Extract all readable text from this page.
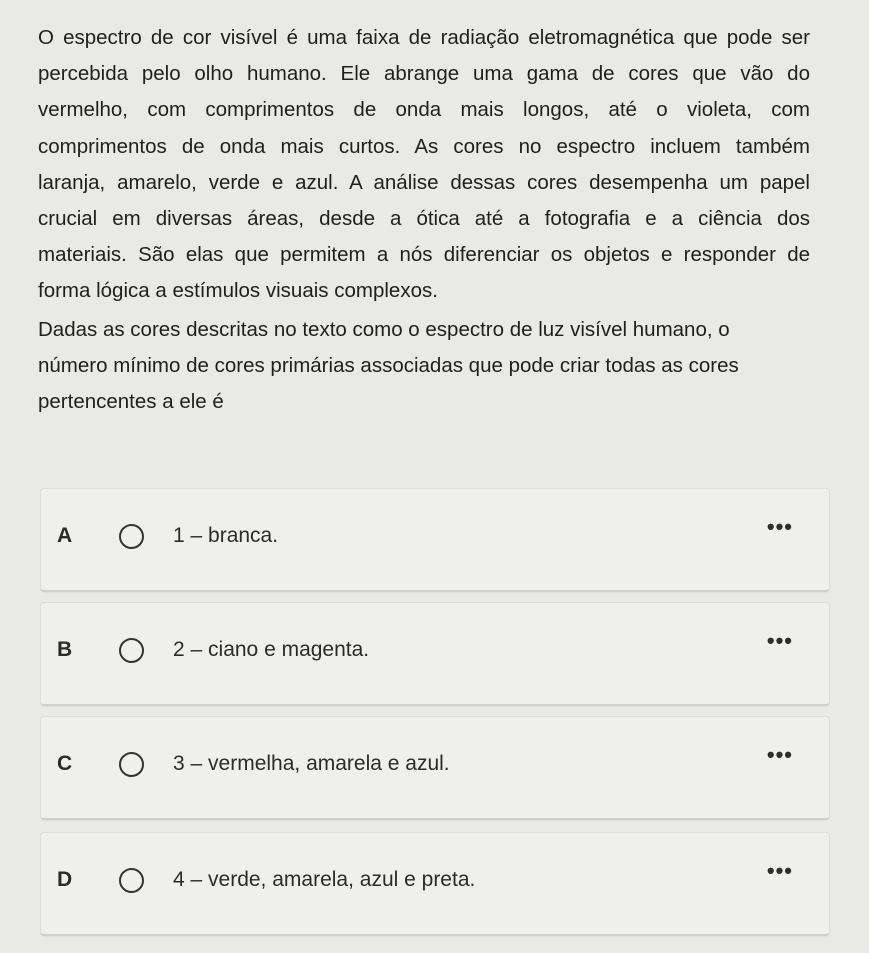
O espectro de cor visível é uma faixa de radiação eletromagnética que pode ser
percebida pelo olho humano. Ele abrange uma gama de cores que vão do
vermelho, com comprimentos de onda mais longos, até o violeta, com
comprimentos de onda mais curtos. As cores no espectro incluem também
laranja, amarelo, verde e azul. A análise dessas cores desempenha um papel
crucial em diversas áreas, desde a ótica até a fotografia e a ciência dos
materiais. São elas que permitem a nós diferenciar os objetos e responder de
forma lógica a estímulos visuais complexos.
Dadas as cores descritas no texto como o espectro de luz visível humano, o
número mínimo de cores primárias associadas que pode criar todas as cores
pertencentes a ele é
A	1 – branca.	•••
B	2 – ciano e magenta.	•••
C	3 – vermelha, amarela e azul.	•••
D	4 – verde, amarela, azul e preta.	•••
